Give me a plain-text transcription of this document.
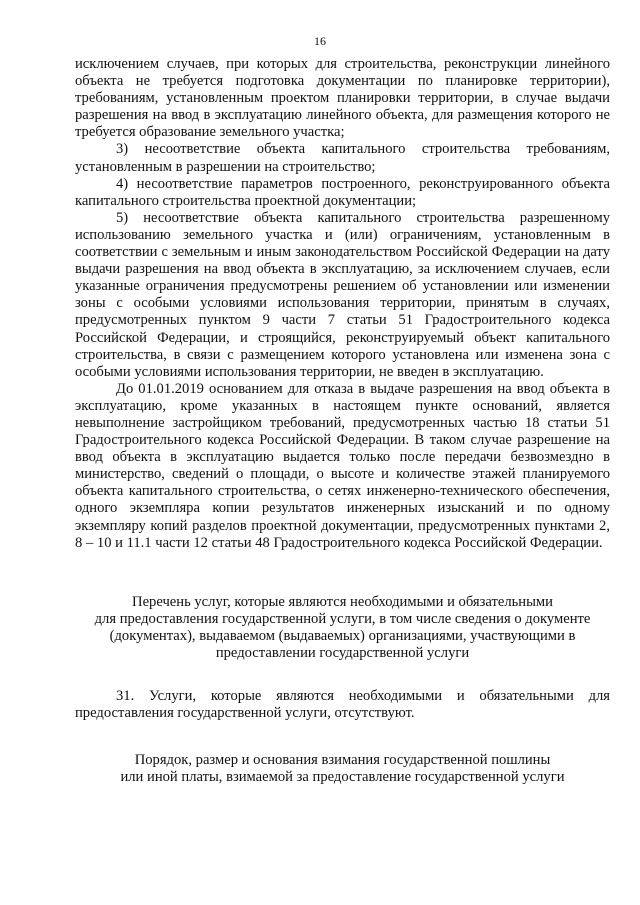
16

исключением случаев, при которых для строительства, реконструкции линейного объекта не требуется подготовка документации по планировке территории), требованиям, установленным проектом планировки территории, в случае выдачи разрешения на ввод в эксплуатацию линейного объекта, для размещения которого не требуется образование земельного участка;

3) несоответствие объекта капитального строительства требованиям, установленным в разрешении на строительство;

4) несоответствие параметров построенного, реконструированного объекта капитального строительства проектной документации;

5) несоответствие объекта капитального строительства разрешенному использованию земельного участка и (или) ограничениям, установленным в соответствии с земельным и иным законодательством Российской Федерации на дату выдачи разрешения на ввод объекта в эксплуатацию, за исключением случаев, если указанные ограничения предусмотрены решением об установлении или изменении зоны с особыми условиями использования территории, принятым в случаях, предусмотренных пунктом 9 части 7 статьи 51 Градостроительного кодекса Российской Федерации, и строящийся, реконструируемый объект капитального строительства, в связи с размещением которого установлена или изменена зона с особыми условиями использования территории, не введен в эксплуатацию.

До 01.01.2019 основанием для отказа в выдаче разрешения на ввод объекта в эксплуатацию, кроме указанных в настоящем пункте оснований, является невыполнение застройщиком требований, предусмотренных частью 18 статьи 51 Градостроительного кодекса Российской Федерации. В таком случае разрешение на ввод объекта в эксплуатацию выдается только после передачи безвозмездно в министерство, сведений о площади, о высоте и количестве этажей планируемого объекта капитального строительства, о сетях инженерно-технического обеспечения, одного экземпляра копии результатов инженерных изысканий и по одному экземпляру копий разделов проектной документации, предусмотренных пунктами 2, 8 – 10 и 11.1 части 12 статьи 48 Градостроительного кодекса Российской Федерации.

Перечень услуг, которые являются необходимыми и обязательными

для предоставления государственной услуги, в том числе сведения о документе

(документах), выдаваемом (выдаваемых) организациями, участвующими в

предоставлении государственной услуги

31. Услуги, которые являются необходимыми и обязательными для предоставления государственной услуги, отсутствуют.

Порядок, размер и основания взимания государственной пошлины

или иной платы, взимаемой за предоставление государственной услуги
